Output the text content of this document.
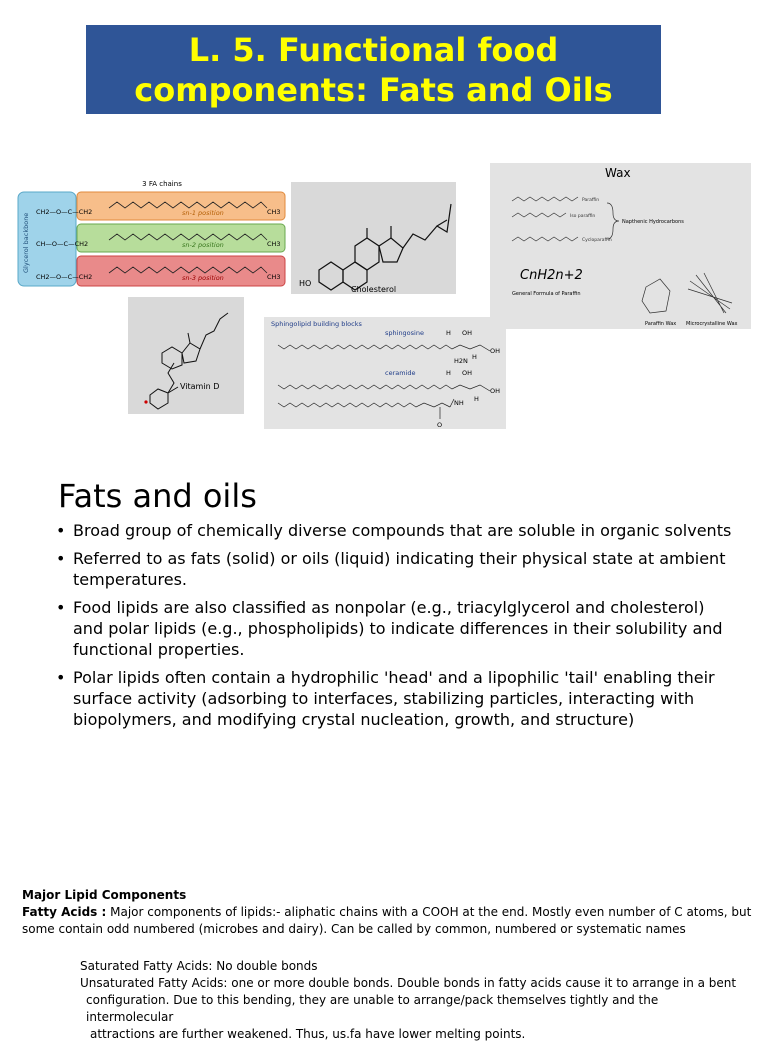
L. 5. Functional food
components: Fats and Oils
3 FA chains
Glycerol backbone
CH2—O—C—CH2
CH—O—C—CH2
CH2—O—C—CH2
sn-1 position
sn-2 position
sn-3 position
CH3
CH3
CH3
HO
Cholesterol
Wax
Paraffin
Iso paraffin
Cycloparaffin
Napthenic Hydrocarbons
CnH2n+2
General Formula of Paraffin
Paraffin Wax Microcrystalline Wax
Vitamin D
Sphingolipid building blocks
sphingosine
ceramide
H OH
OH
H2N H
H OH
OH
NH H
O
Fats and oils
• Broad group of chemically diverse compounds that are soluble in organic solvents
• Referred to as fats (solid) or oils (liquid) indicating their physical state at ambient temperatures.
• Food lipids are also classified as nonpolar (e.g., triacylglycerol and cholesterol) and polar lipids (e.g., phospholipids) to indicate differences in their solubility and functional properties.
• Polar lipids often contain a hydrophilic 'head' and a lipophilic 'tail' enabling their surface activity (adsorbing to interfaces, stabilizing particles, interacting with biopolymers, and modifying crystal nucleation, growth, and structure)
Major Lipid Components
Fatty Acids : Major components of lipids:- aliphatic chains with a COOH at the end. Mostly even number of C atoms, but some contain odd numbered (microbes and dairy). Can be called by common, numbered or systematic names
Saturated Fatty Acids: No double bonds
Unsaturated Fatty Acids: one or more double bonds. Double bonds in fatty acids cause it to arrange in a bent
configuration. Due to this bending, they are unable to arrange/pack themselves tightly and the intermolecular
attractions are further weakened. Thus, us.fa have lower melting points.
